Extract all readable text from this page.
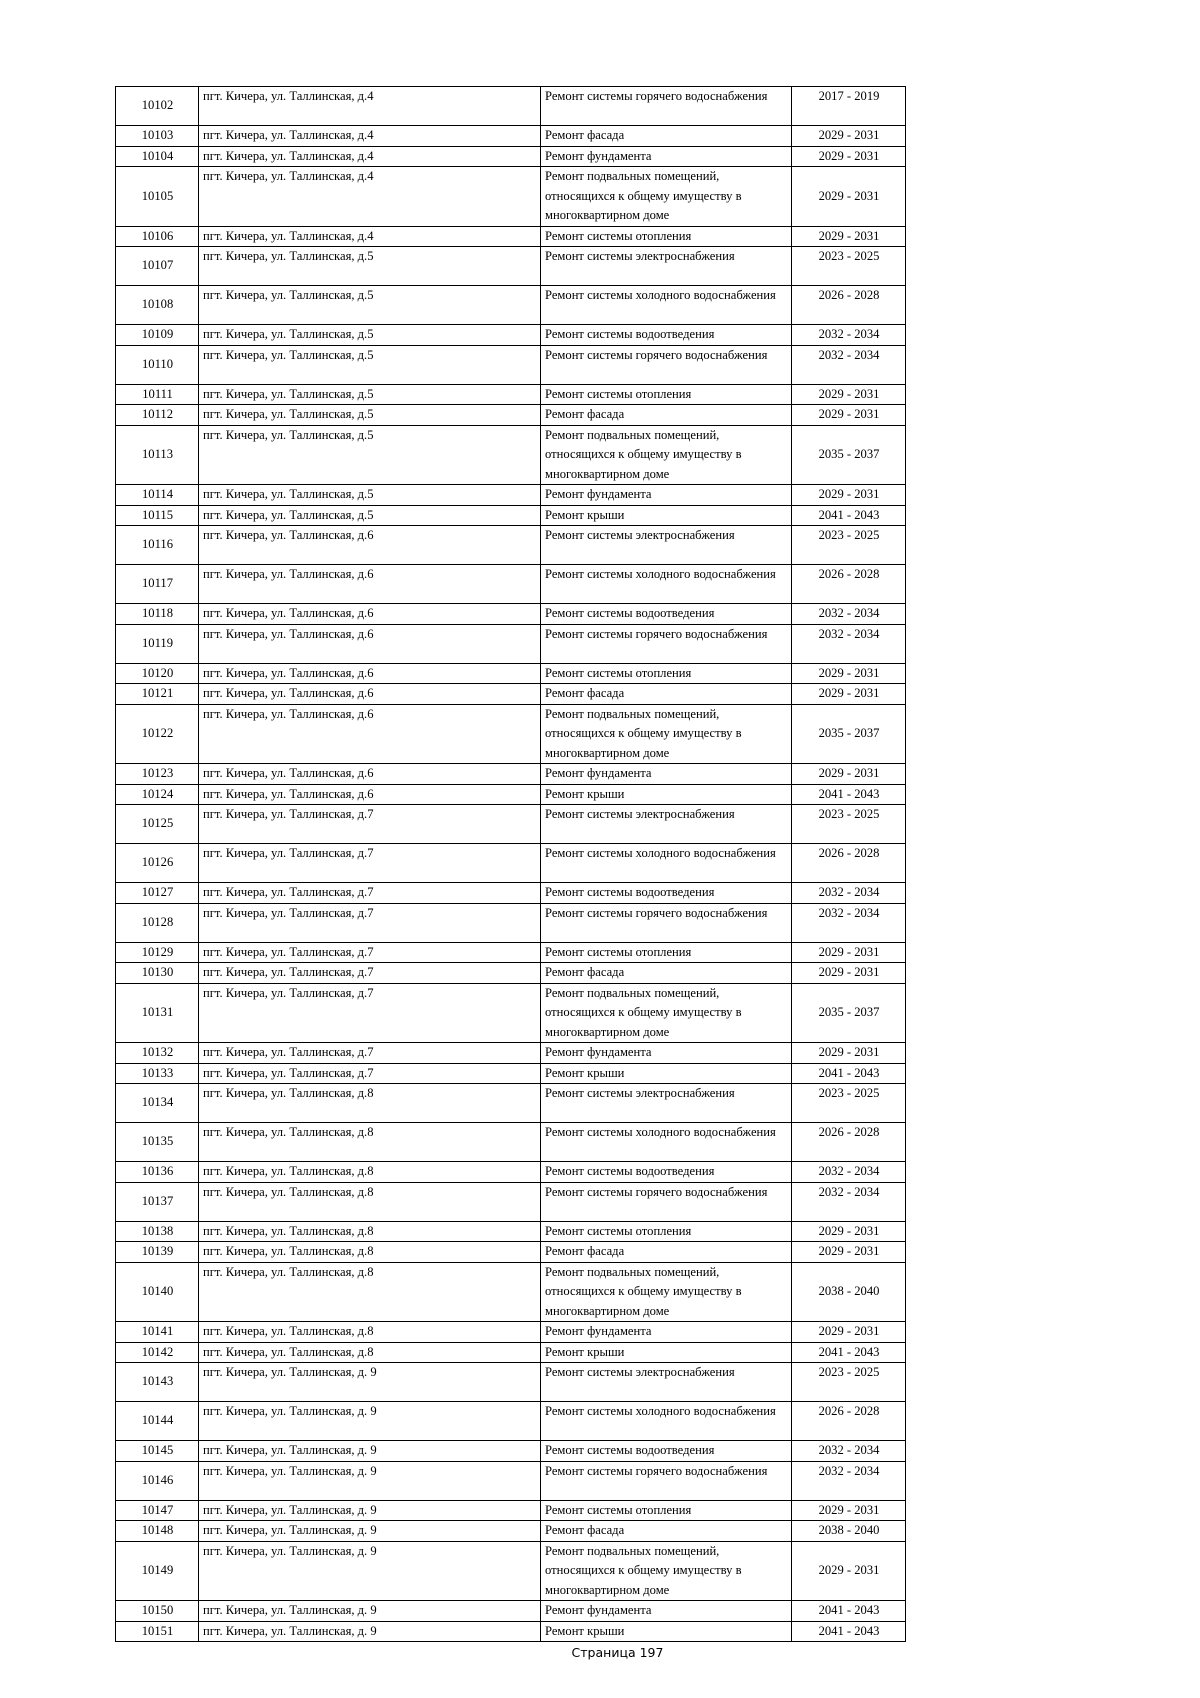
10102	пгт. Кичера, ул. Таллинская, д.4	Ремонт системы горячего водоснабжения	2017 - 2019
10103	пгт. Кичера, ул. Таллинская, д.4	Ремонт фасада	2029 - 2031
10104	пгт. Кичера, ул. Таллинская, д.4	Ремонт фундамента	2029 - 2031
10105	пгт. Кичера, ул. Таллинская, д.4	Ремонт подвальных помещений, относящихся к общему имуществу в многоквартирном доме	2029 - 2031
10106	пгт. Кичера, ул. Таллинская, д.4	Ремонт системы отопления	2029 - 2031
10107	пгт. Кичера, ул. Таллинская, д.5	Ремонт системы электроснабжения	2023 - 2025
10108	пгт. Кичера, ул. Таллинская, д.5	Ремонт системы холодного водоснабжения	2026 - 2028
10109	пгт. Кичера, ул. Таллинская, д.5	Ремонт системы водоотведения	2032 - 2034
10110	пгт. Кичера, ул. Таллинская, д.5	Ремонт системы горячего водоснабжения	2032 - 2034
10111	пгт. Кичера, ул. Таллинская, д.5	Ремонт системы отопления	2029 - 2031
10112	пгт. Кичера, ул. Таллинская, д.5	Ремонт фасада	2029 - 2031
10113	пгт. Кичера, ул. Таллинская, д.5	Ремонт подвальных помещений, относящихся к общему имуществу в многоквартирном доме	2035 - 2037
10114	пгт. Кичера, ул. Таллинская, д.5	Ремонт фундамента	2029 - 2031
10115	пгт. Кичера, ул. Таллинская, д.5	Ремонт крыши	2041 - 2043
10116	пгт. Кичера, ул. Таллинская, д.6	Ремонт системы электроснабжения	2023 - 2025
10117	пгт. Кичера, ул. Таллинская, д.6	Ремонт системы холодного водоснабжения	2026 - 2028
10118	пгт. Кичера, ул. Таллинская, д.6	Ремонт системы водоотведения	2032 - 2034
10119	пгт. Кичера, ул. Таллинская, д.6	Ремонт системы горячего водоснабжения	2032 - 2034
10120	пгт. Кичера, ул. Таллинская, д.6	Ремонт системы отопления	2029 - 2031
10121	пгт. Кичера, ул. Таллинская, д.6	Ремонт фасада	2029 - 2031
10122	пгт. Кичера, ул. Таллинская, д.6	Ремонт подвальных помещений, относящихся к общему имуществу в многоквартирном доме	2035 - 2037
10123	пгт. Кичера, ул. Таллинская, д.6	Ремонт фундамента	2029 - 2031
10124	пгт. Кичера, ул. Таллинская, д.6	Ремонт крыши	2041 - 2043
10125	пгт. Кичера, ул. Таллинская, д.7	Ремонт системы электроснабжения	2023 - 2025
10126	пгт. Кичера, ул. Таллинская, д.7	Ремонт системы холодного водоснабжения	2026 - 2028
10127	пгт. Кичера, ул. Таллинская, д.7	Ремонт системы водоотведения	2032 - 2034
10128	пгт. Кичера, ул. Таллинская, д.7	Ремонт системы горячего водоснабжения	2032 - 2034
10129	пгт. Кичера, ул. Таллинская, д.7	Ремонт системы отопления	2029 - 2031
10130	пгт. Кичера, ул. Таллинская, д.7	Ремонт фасада	2029 - 2031
10131	пгт. Кичера, ул. Таллинская, д.7	Ремонт подвальных помещений, относящихся к общему имуществу в многоквартирном доме	2035 - 2037
10132	пгт. Кичера, ул. Таллинская, д.7	Ремонт фундамента	2029 - 2031
10133	пгт. Кичера, ул. Таллинская, д.7	Ремонт крыши	2041 - 2043
10134	пгт. Кичера, ул. Таллинская, д.8	Ремонт системы электроснабжения	2023 - 2025
10135	пгт. Кичера, ул. Таллинская, д.8	Ремонт системы холодного водоснабжения	2026 - 2028
10136	пгт. Кичера, ул. Таллинская, д.8	Ремонт системы водоотведения	2032 - 2034
10137	пгт. Кичера, ул. Таллинская, д.8	Ремонт системы горячего водоснабжения	2032 - 2034
10138	пгт. Кичера, ул. Таллинская, д.8	Ремонт системы отопления	2029 - 2031
10139	пгт. Кичера, ул. Таллинская, д.8	Ремонт фасада	2029 - 2031
10140	пгт. Кичера, ул. Таллинская, д.8	Ремонт подвальных помещений, относящихся к общему имуществу в многоквартирном доме	2038 - 2040
10141	пгт. Кичера, ул. Таллинская, д.8	Ремонт фундамента	2029 - 2031
10142	пгт. Кичера, ул. Таллинская, д.8	Ремонт крыши	2041 - 2043
10143	пгт. Кичера, ул. Таллинская, д. 9	Ремонт системы электроснабжения	2023 - 2025
10144	пгт. Кичера, ул. Таллинская, д. 9	Ремонт системы холодного водоснабжения	2026 - 2028
10145	пгт. Кичера, ул. Таллинская, д. 9	Ремонт системы водоотведения	2032 - 2034
10146	пгт. Кичера, ул. Таллинская, д. 9	Ремонт системы горячего водоснабжения	2032 - 2034
10147	пгт. Кичера, ул. Таллинская, д. 9	Ремонт системы отопления	2029 - 2031
10148	пгт. Кичера, ул. Таллинская, д. 9	Ремонт фасада	2038 - 2040
10149	пгт. Кичера, ул. Таллинская, д. 9	Ремонт подвальных помещений, относящихся к общему имуществу в многоквартирном доме	2029 - 2031
10150	пгт. Кичера, ул. Таллинская, д. 9	Ремонт фундамента	2041 - 2043
10151	пгт. Кичера, ул. Таллинская, д. 9	Ремонт крыши	2041 - 2043
Страница 197
